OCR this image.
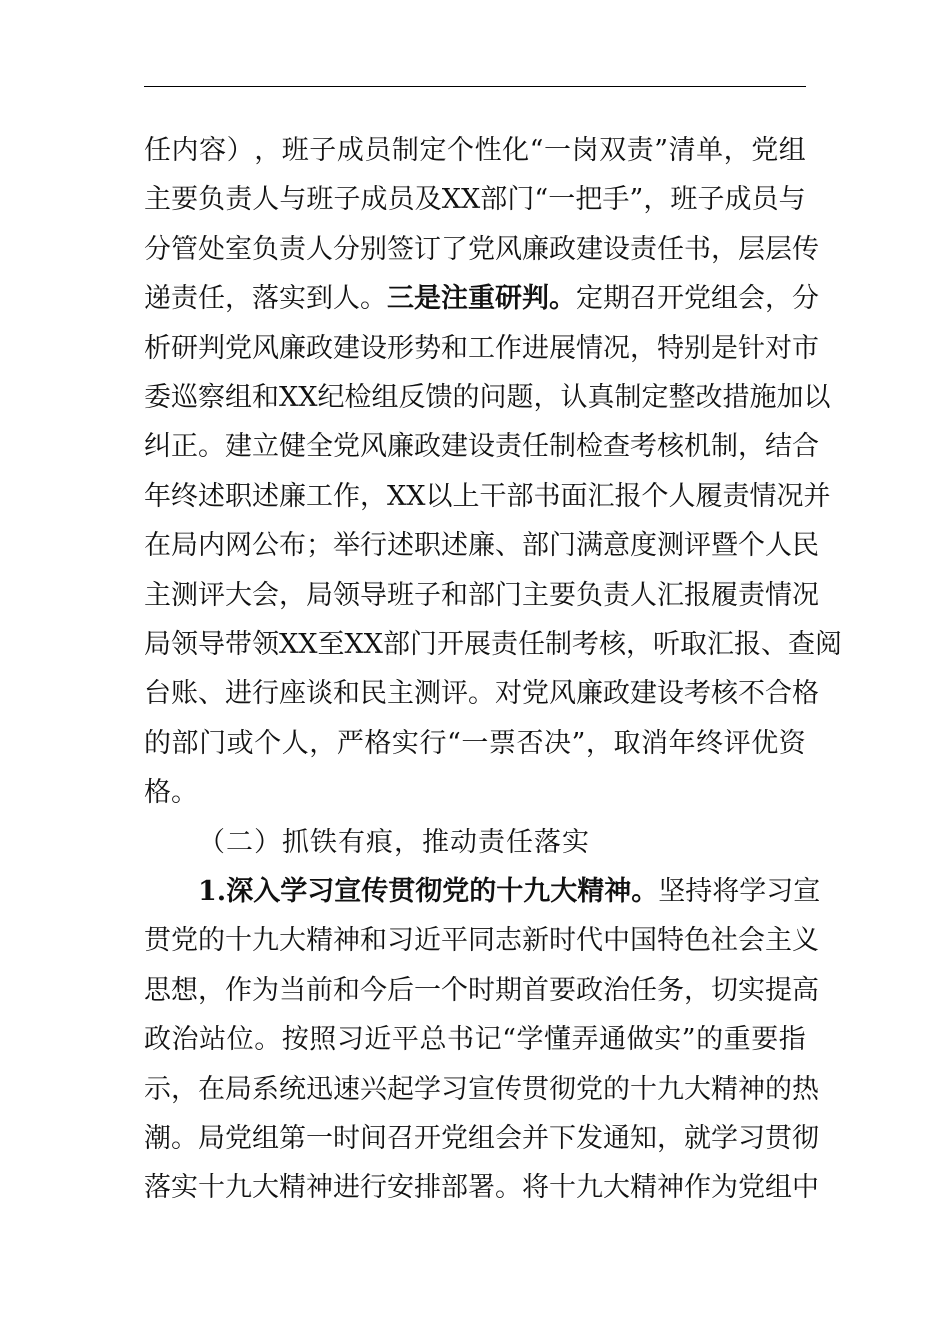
任 内 容 ） ， 班 子 成 员 制 定 个 性 化 “ 一 岗 双 责 ” 清 单 ， 党 组
主 要 负 责 人 与 班 子 成 员 及 X X 部 门 “ 一 把 手 ” ， 班 子 成 员 与
分 管 处 室 负 责 人 分 别 签 订 了 党 风 廉 政 建 设 责 任 书 ， 层 层 传
递 责 任 ， 落 实 到 人 。 三 是 注 重 研 判 。 定 期 召 开 党 组 会 ， 分
析 研 判 党 风 廉 政 建 设 形 势 和 工 作 进 展 情 况 ， 特 别 是 针 对 市
委 巡 察 组 和 X X 纪 检 组 反 馈 的 问 题 ， 认 真 制 定 整 改 措 施 加 以
纠 正 。 建 立 健 全 党 风 廉 政 建 设 责 任 制 检 查 考 核 机 制 ， 结 合
年 终 述 职 述 廉 工 作 ， X X 以 上 干 部 书 面 汇 报 个 人 履 责 情 况 并
在 局 内 网 公 布 ； 举 行 述 职 述 廉 、 部 门 满 意 度 测 评 暨 个 人 民
主 测 评 大 会 ， 局 领 导 班 子 和 部 门 主 要 负 责 人 汇 报 履 责 情 况
局 领 导 带 领 X X 至 X X 部 门 开 展 责 任 制 考 核 ， 听 取 汇 报 、 查 阅
台 账 、 进 行 座 谈 和 民 主 测 评 。 对 党 风 廉 政 建 设 考 核 不 合 格
的 部 门 或 个 人 ， 严 格 实 行 “ 一 票 否 决 ” ， 取 消 年 终 评 优 资
格。
（二）抓铁有痕，推动责任落实
1 . 深 入 学 习 宣 传 贯 彻 党 的 十 九 大 精 神 。 坚 持 将 学 习 宣
贯 党 的 十 九 大 精 神 和 习 近 平 同 志 新 时 代 中 国 特 色 社 会 主 义
思 想 ， 作 为 当 前 和 今 后 一 个 时 期 首 要 政 治 任 务 ， 切 实 提 高
政 治 站 位 。 按 照 习 近 平 总 书 记 “ 学 懂 弄 通 做 实 ” 的 重 要 指
示 ， 在 局 系 统 迅 速 兴 起 学 习 宣 传 贯 彻 党 的 十 九 大 精 神 的 热
潮 。 局 党 组 第 一 时 间 召 开 党 组 会 并 下 发 通 知 ， 就 学 习 贯 彻
落 实 十 九 大 精 神 进 行 安 排 部 署 。 将 十 九 大 精 神 作 为 党 组 中
